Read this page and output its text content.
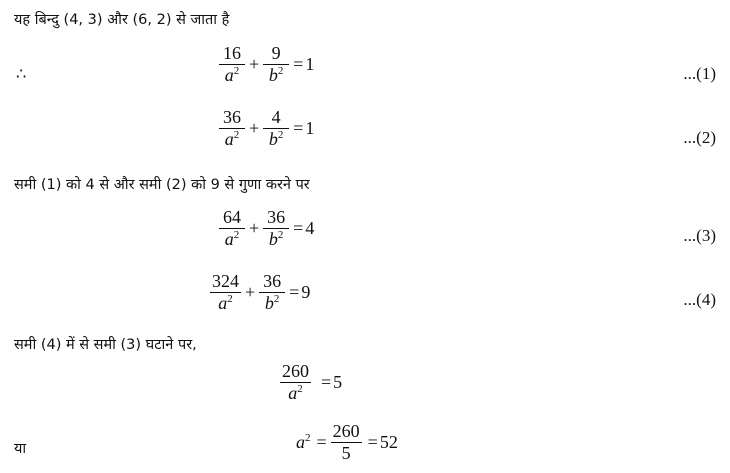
यह बिन्दु (4, 3) और (6, 2) से जाता है
∴	$\frac{16}{a^2} + \frac{9}{b^2} = 1$	...(1)
$\frac{36}{a^2} + \frac{4}{b^2} = 1$	...(2)
समी (1) को 4 से और समी (2) को 9 से गुणा करने पर
$\frac{64}{a^2} + \frac{36}{b^2} = 4$	...(3)
$\frac{324}{a^2} + \frac{36}{b^2} = 9$	...(4)
समी (4) में से समी (3) घटाने पर,
$\frac{260}{a^2} = 5$
या	$a^2 = \frac{260}{5} = 52$
